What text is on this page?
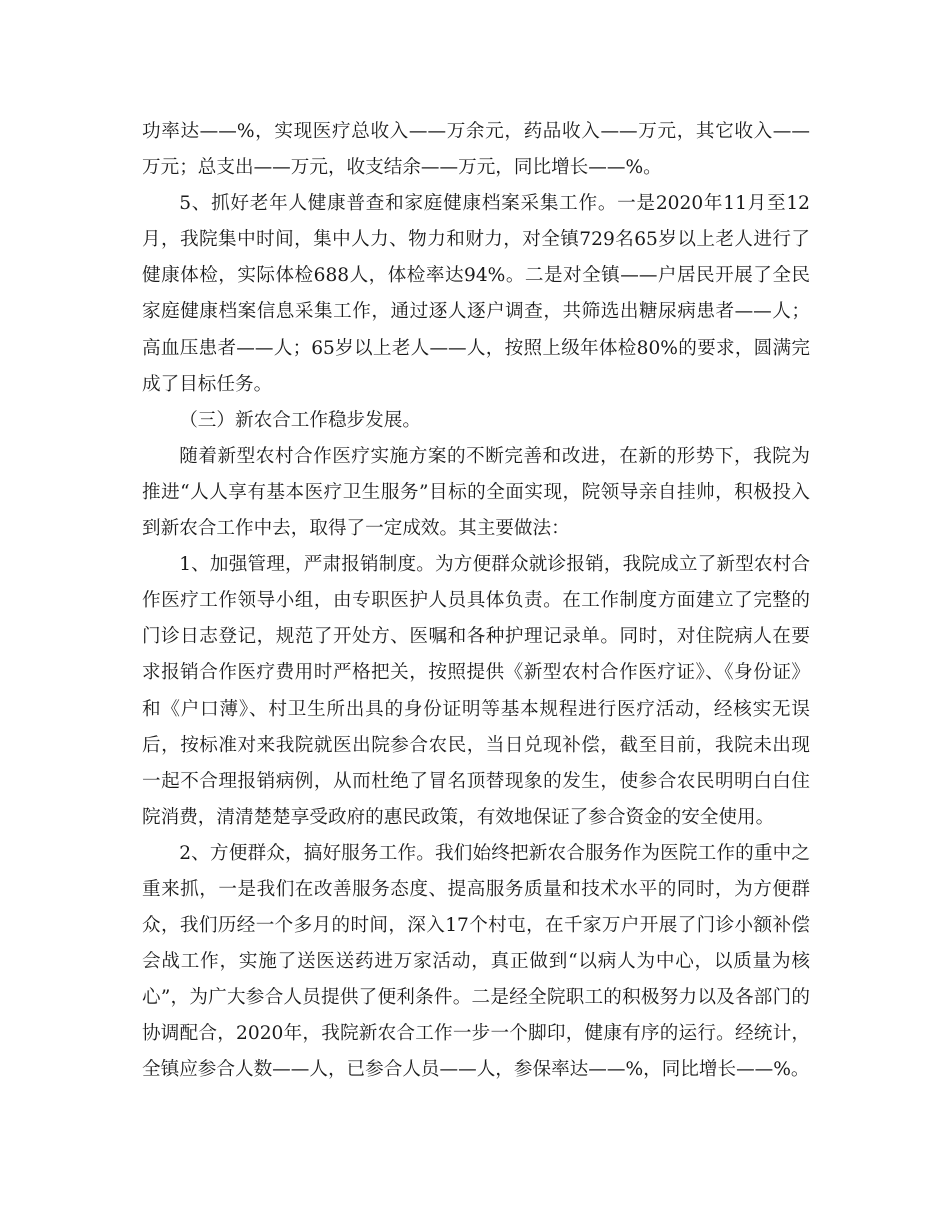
功率达——%，实现医疗总收入——万余元，药品收入——万元，其它收入——万元；总支出——万元，收支结余——万元，同比增长——%。

5、抓好老年人健康普查和家庭健康档案采集工作。一是2020年11月至12月，我院集中时间，集中人力、物力和财力，对全镇729名65岁以上老人进行了健康体检，实际体检688人，体检率达94%。二是对全镇——户居民开展了全民家庭健康档案信息采集工作，通过逐人逐户调查，共筛选出糖尿病患者——人；高血压患者——人；65岁以上老人——人，按照上级年体检80%的要求，圆满完成了目标任务。

（三）新农合工作稳步发展。

随着新型农村合作医疗实施方案的不断完善和改进，在新的形势下，我院为推进“人人享有基本医疗卫生服务”目标的全面实现，院领导亲自挂帅，积极投入到新农合工作中去，取得了一定成效。其主要做法：

1、加强管理，严肃报销制度。为方便群众就诊报销，我院成立了新型农村合作医疗工作领导小组，由专职医护人员具体负责。在工作制度方面建立了完整的门诊日志登记，规范了开处方、医嘱和各种护理记录单。同时，对住院病人在要求报销合作医疗费用时严格把关，按照提供《新型农村合作医疗证》、《身份证》和《户口薄》、村卫生所出具的身份证明等基本规程进行医疗活动，经核实无误后，按标准对来我院就医出院参合农民，当日兑现补偿，截至目前，我院未出现一起不合理报销病例，从而杜绝了冒名顶替现象的发生，使参合农民明明白白住院消费，清清楚楚享受政府的惠民政策，有效地保证了参合资金的安全使用。

2、方便群众，搞好服务工作。我们始终把新农合服务作为医院工作的重中之重来抓，一是我们在改善服务态度、提高服务质量和技术水平的同时，为方便群众，我们历经一个多月的时间，深入17个村屯，在千家万户开展了门诊小额补偿会战工作，实施了送医送药进万家活动，真正做到“以病人为中心，以质量为核心”，为广大参合人员提供了便利条件。二是经全院职工的积极努力以及各部门的协调配合，2020年，我院新农合工作一步一个脚印，健康有序的运行。经统计，全镇应参合人数——人，已参合人员——人，参保率达——%，同比增长——%。
